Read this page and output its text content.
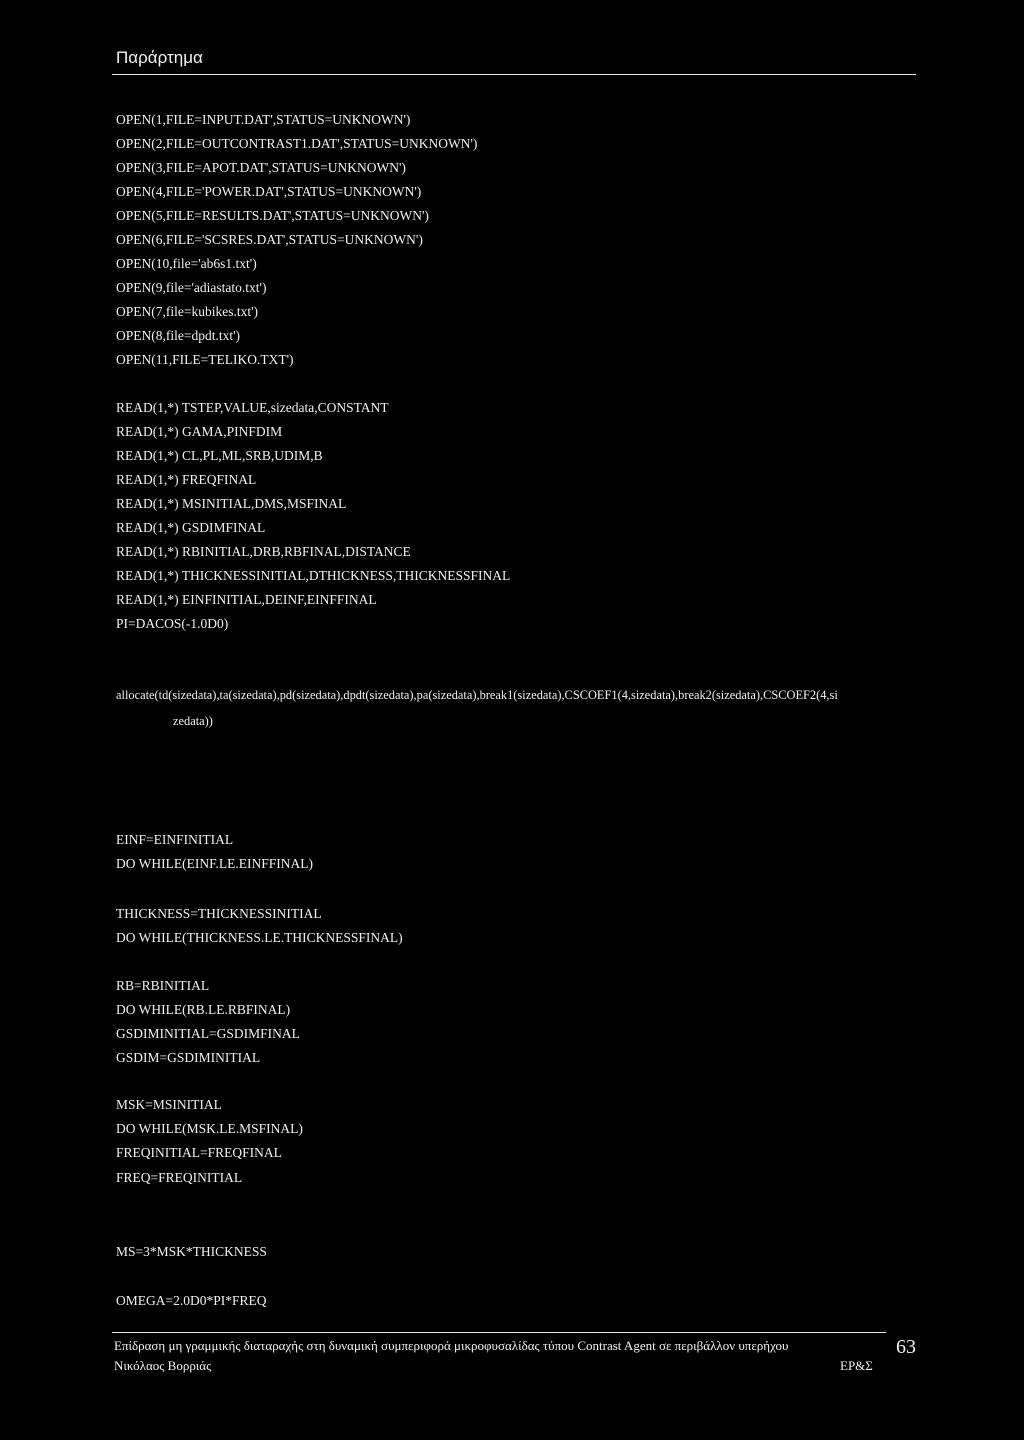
Παράρτημα
OPEN(1,FILE=INPUT.DAT',STATUS=UNKNOWN')
OPEN(2,FILE=OUTCONTRAST1.DAT',STATUS=UNKNOWN')
OPEN(3,FILE=APOT.DAT',STATUS=UNKNOWN')
OPEN(4,FILE='POWER.DAT',STATUS=UNKNOWN')
OPEN(5,FILE=RESULTS.DAT',STATUS=UNKNOWN')
OPEN(6,FILE='SCSRES.DAT',STATUS=UNKNOWN')
OPEN(10,file='ab6s1.txt')
OPEN(9,file='adiastato.txt')
OPEN(7,file=kubikes.txt')
OPEN(8,file=dpdt.txt')
OPEN(11,FILE=TELIKO.TXT')
READ(1,*) TSTEP,VALUE,sizedata,CONSTANT
READ(1,*) GAMA,PINFDIM
READ(1,*) CL,PL,ML,SRB,UDIM,B
READ(1,*) FREQFINAL
READ(1,*) MSINITIAL,DMS,MSFINAL
READ(1,*) GSDIMFINAL
READ(1,*) RBINITIAL,DRB,RBFINAL,DISTANCE
READ(1,*) THICKNESSINITIAL,DTHICKNESS,THICKNESSFINAL
READ(1,*) EINFINITIAL,DEINF,EINFFINAL
PI=DACOS(-1.0D0)
allocate(td(sizedata),ta(sizedata),pd(sizedata),dpdt(sizedata),pa(sizedata),break1(sizedata),CSCOEF1(4,sizedata),break2(sizedata),CSCOEF2(4,si
zedata))
EINF=EINFINITIAL
DO WHILE(EINF.LE.EINFFINAL)
THICKNESS=THICKNESSINITIAL
DO WHILE(THICKNESS.LE.THICKNESSFINAL)
RB=RBINITIAL
DO WHILE(RB.LE.RBFINAL)
GSDIMINITIAL=GSDIMFINAL
GSDIM=GSDIMINITIAL
MSK=MSINITIAL
DO WHILE(MSK.LE.MSFINAL)
FREQINITIAL=FREQFINAL
FREQ=FREQINITIAL
MS=3*MSK*THICKNESS
OMEGA=2.0D0*PI*FREQ
Επίδραση μη γραμμικής διαταραχής στη δυναμική συμπεριφορά μικροφυσαλίδας τύπου Contrast Agent σε περιβάλλον υπερήχου
Νικόλαος Βορριάς	ΕΡ&Σ
63
